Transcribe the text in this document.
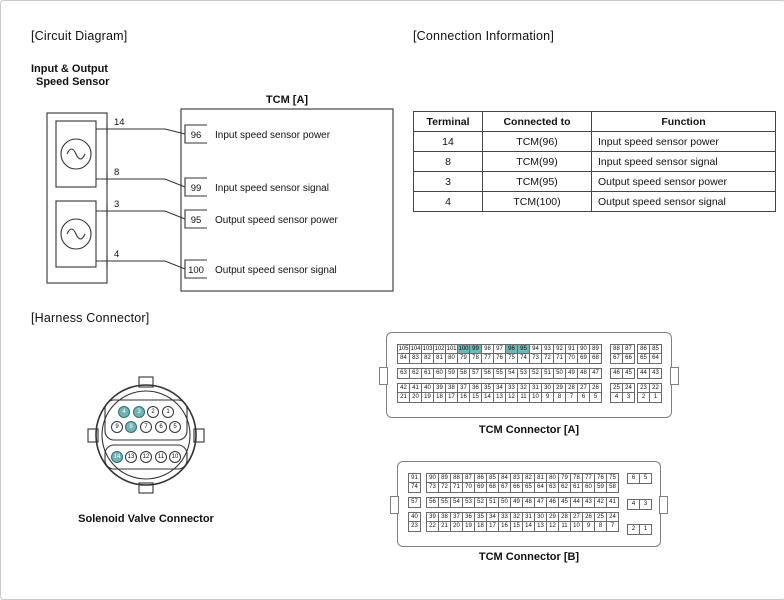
[Circuit Diagram]	[Connection Information]
[Harness Connector]
Input & Output
Speed Sensor
TCM [A]
14
96 Input speed sensor power
8
99 Input speed sensor signal
3
95 Output speed sensor power
4
100 Output speed sensor signal
Terminal	Connected to	Function
14	TCM(96)	Input speed sensor power
8	TCM(99)	Input speed sensor signal
3	TCM(95)	Output speed sensor power
4	TCM(100)	Output speed sensor signal
4	3	2	1
9	8	7	6	5
14	13	12	11	10
Solenoid Valve Connector
105 104 103 102 101 100 99 98 97 96 95 94 93 92 91 90 89	88 87	86 85
84 83 82 81 80 79 78 77 76 75 74 73 72 71 70 69 68	67 66	65 64
63 62 61 60 59 58 57 56 55 54 53 52 51 50 49 48 47	46 45	44 43
42 41 40 39 38 37 36 35 34 33 32 31 30 29 28 27 26	25 24	23 22
21 20 19 18 17 16 15 14 13 12 11 10	9	8	7	6	5	4	3	2	1
TCM Connector [A]
91	90 89 88 87 86 85 84 83 82 81 80 79 78 77 76 75
74	73 72 71 70 69 68 67 66 65 64 63 62 61 60 59 58
57	56 55 54 53 52 51 50 49 48 47 46 45 44 43 42 41
40	39 38 37 36 35 34 33 32 31 30 29 28 27 26 25 24
23	22 21 20 19 18 17 16 15 14 13 12 11 10	9	8	7
6	5
4	3
2	1
TCM Connector [B]
